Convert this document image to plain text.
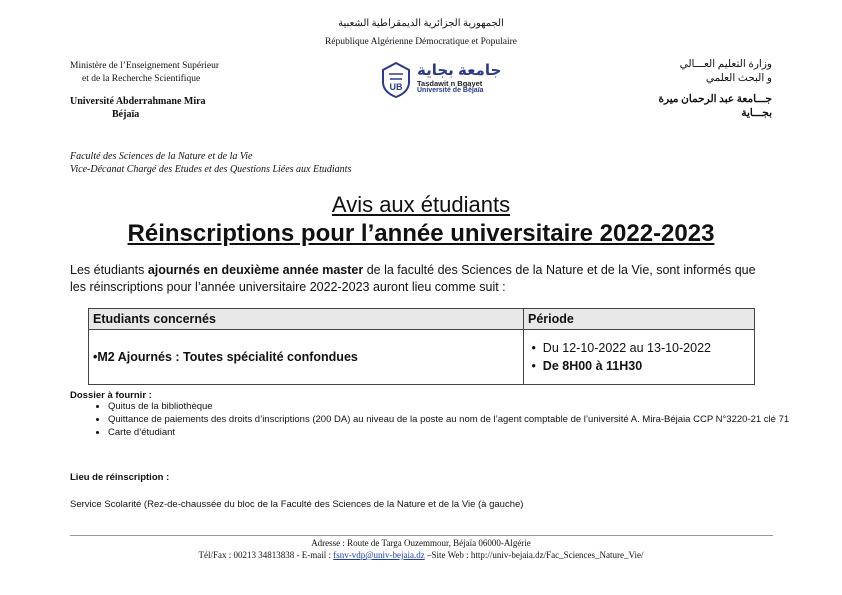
الجمهورية الجزائرية الديمقراطية الشعبية
République Algérienne Démocratique et Populaire
Ministère de l’Enseignement Supérieur
et de la Recherche Scientifique
Université Abderrahmane Mira
Béjaïa
UB
جامعة بجاية
Tasdawit n Bgayet
Université de Béjaïa
وزارة التعليم العـــالي
و البحث العلمي
جـــامعة عبد الرحمان ميرة
بجـــاية
Faculté des Sciences de la Nature et de la Vie
Vice-Décanat Chargé des Etudes et des Questions Liées aux Etudiants
Avis aux étudiants
Réinscriptions pour l’année universitaire 2022-2023
Les étudiants ajournés en deuxième année master de la faculté des Sciences de la Nature et de la Vie, sont informés que les réinscriptions pour l’année universitaire 2022-2023 auront lieu comme suit :
Etudiants concernés	Période
•M2 Ajournés : Toutes spécialité confondues	•  Du 12-10-2022 au 13-10-2022
•  De 8H00 à 11H30
Dossier à fournir :
• Quitus de la bibliothèque
• Quittance de paiements des droits d’inscriptions (200 DA) au niveau de la poste au nom de l’agent comptable de l’université A. Mira-Béjaia CCP N°3220-21 clé 71
• Carte d’étudiant
Lieu de réinscription :
Service Scolarité (Rez-de-chaussée du bloc de la Faculté des Sciences de la Nature et de la Vie (à gauche)
Adresse : Route de Targa Ouzemmour, Béjaïa 06000-Algérie
Tél/Fax : 00213 34813838 - E-mail : fsnv-vdp@univ-bejaia.dz –Site Web : http://univ-bejaia.dz/Fac_Sciences_Nature_Vie/
